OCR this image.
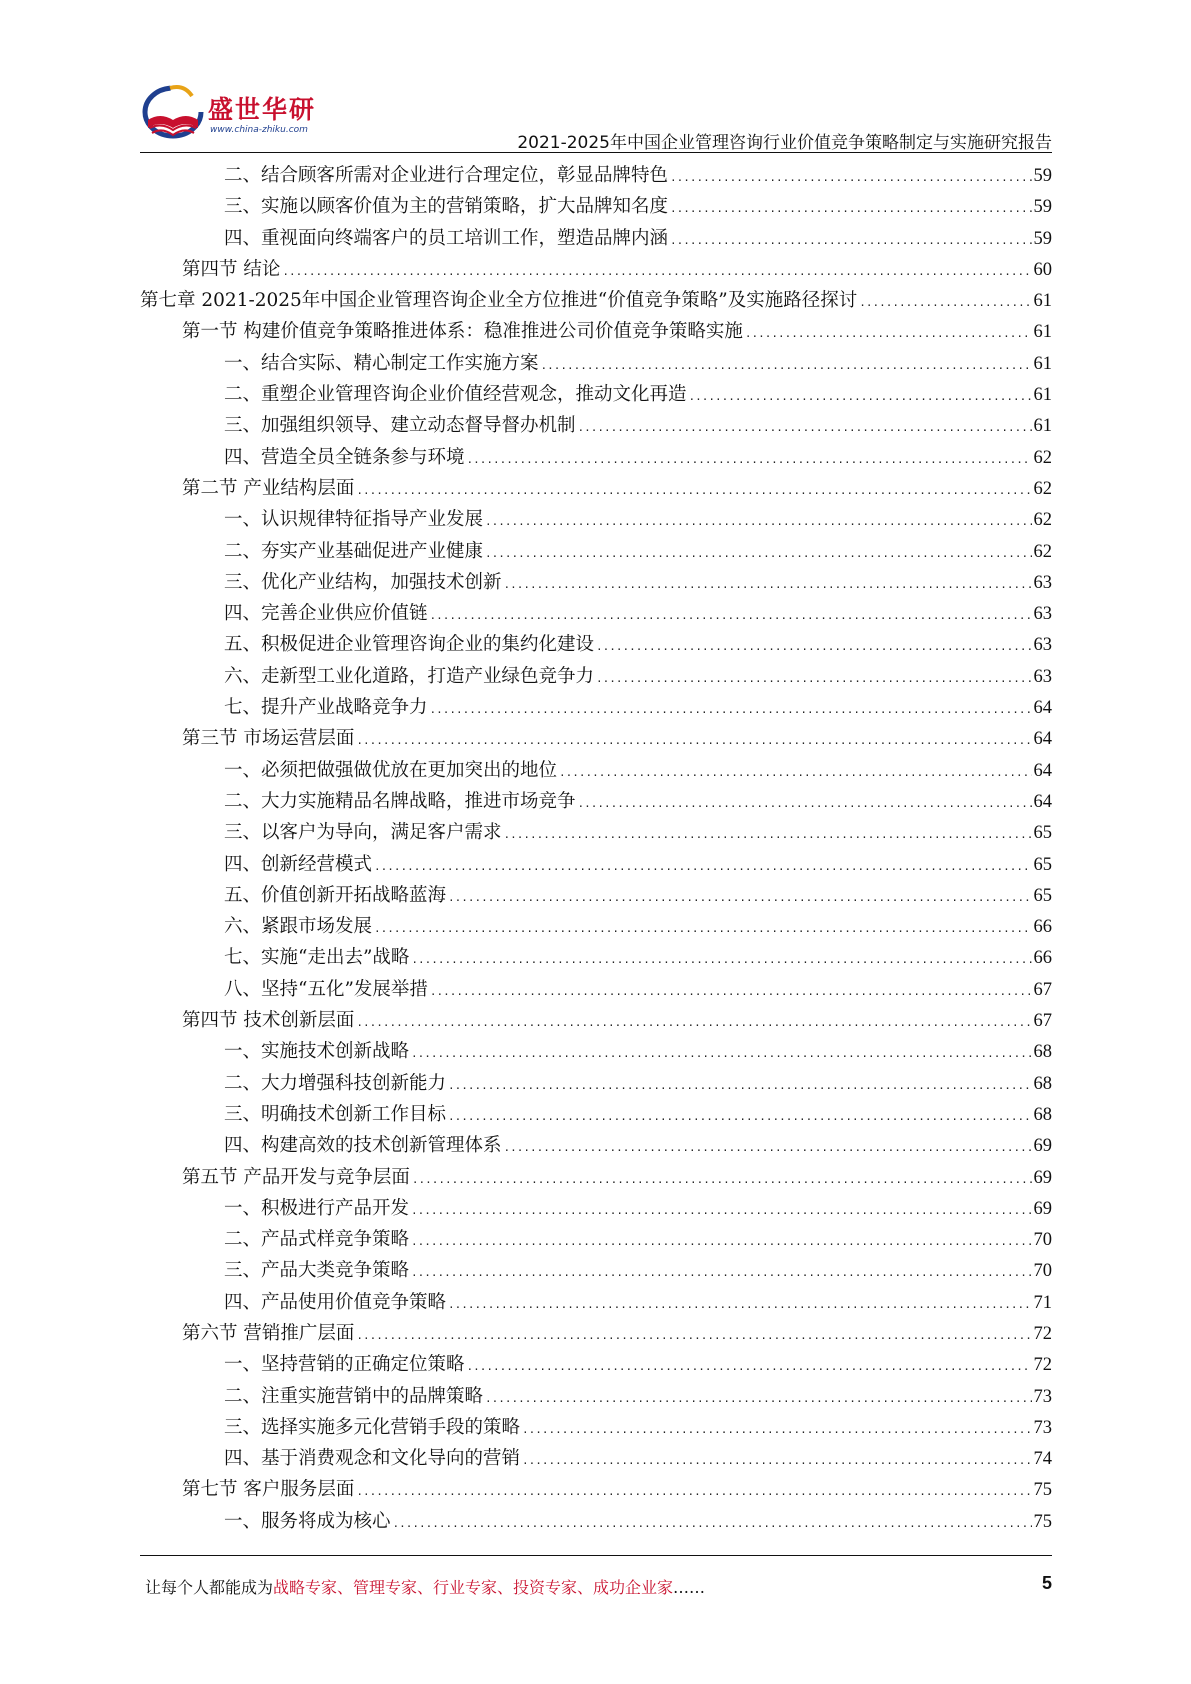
盛世华研
www.china-zhiku.com
2021-2025年中国企业管理咨询行业价值竞争策略制定与实施研究报告
二、结合顾客所需对企业进行合理定位，彰显品牌特色 .....	59
三、实施以顾客价值为主的营销策略，扩大品牌知名度 .....	59
四、重视面向终端客户的员工培训工作，塑造品牌内涵 .....	59
第四节 结论 .....	60
第七章 2021-2025年中国企业管理咨询企业全方位推进“价值竞争策略”及实施路径探讨 .....	61
第一节 构建价值竞争策略推进体系：稳准推进公司价值竞争策略实施 .....	61
一、结合实际、精心制定工作实施方案 .....	61
二、重塑企业管理咨询企业价值经营观念，推动文化再造 .....	61
三、加强组织领导、建立动态督导督办机制 .....	61
四、营造全员全链条参与环境 .....	62
第二节 产业结构层面 .....	62
一、认识规律特征指导产业发展 .....	62
二、夯实产业基础促进产业健康 .....	62
三、优化产业结构，加强技术创新 .....	63
四、完善企业供应价值链 .....	63
五、积极促进企业管理咨询企业的集约化建设 .....	63
六、走新型工业化道路，打造产业绿色竞争力 .....	63
七、提升产业战略竞争力 .....	64
第三节 市场运营层面 .....	64
一、必须把做强做优放在更加突出的地位 .....	64
二、大力实施精品名牌战略，推进市场竞争 .....	64
三、以客户为导向，满足客户需求 .....	65
四、创新经营模式 .....	65
五、价值创新开拓战略蓝海 .....	65
六、紧跟市场发展 .....	66
七、实施“走出去”战略 .....	66
八、坚持“五化”发展举措 .....	67
第四节 技术创新层面 .....	67
一、实施技术创新战略 .....	68
二、大力增强科技创新能力 .....	68
三、明确技术创新工作目标 .....	68
四、构建高效的技术创新管理体系 .....	69
第五节 产品开发与竞争层面 .....	69
一、积极进行产品开发 .....	69
二、产品式样竞争策略 .....	70
三、产品大类竞争策略 .....	70
四、产品使用价值竞争策略 .....	71
第六节 营销推广层面 .....	72
一、坚持营销的正确定位策略 .....	72
二、注重实施营销中的品牌策略 .....	73
三、选择实施多元化营销手段的策略 .....	73
四、基于消费观念和文化导向的营销 .....	74
第七节 客户服务层面 .....	75
一、服务将成为核心 .....	75
让每个人都能成为战略专家、管理专家、行业专家、投资专家、成功企业家……	5
